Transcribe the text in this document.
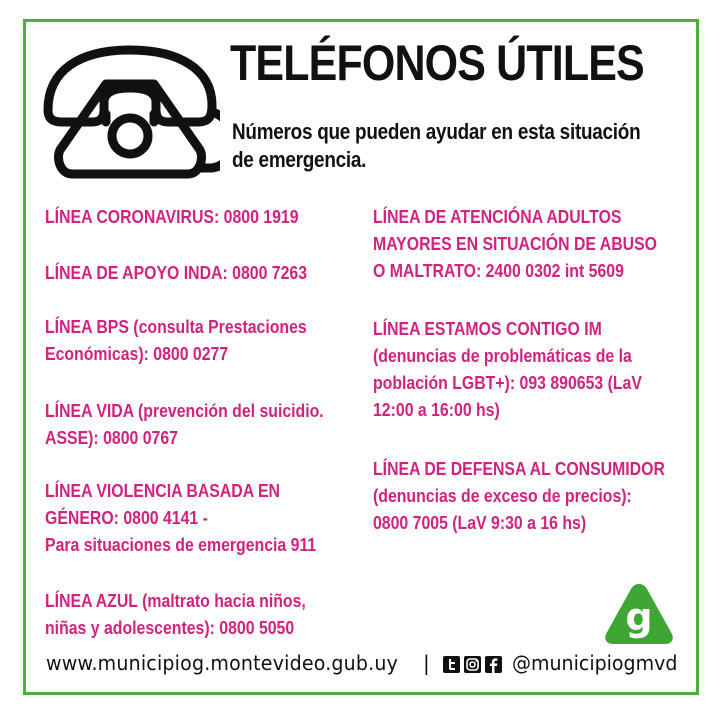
TELÉFONOS ÚTILES
Números que pueden ayudar en esta situación
de emergencia.
LÍNEA CORONAVIRUS: 0800 1919
LÍNEA DE APOYO INDA: 0800 7263
LÍNEA BPS (consulta Prestaciones
Económicas): 0800 0277
LÍNEA VIDA (prevención del suicidio.
ASSE): 0800 0767
LÍNEA VIOLENCIA BASADA EN
GÉNERO: 0800 4141 -
Para situaciones de emergencia 911
LÍNEA AZUL (maltrato hacia niños,
niñas y adolescentes): 0800 5050
LÍNEA DE ATENCIÓNA ADULTOS
MAYORES EN SITUACIÓN DE ABUSO
O MALTRATO: 2400 0302 int 5609
LÍNEA ESTAMOS CONTIGO IM
(denuncias de problemáticas de la
población LGBT+): 093 890653 (LaV
12:00 a 16:00 hs)
LÍNEA DE DEFENSA AL CONSUMIDOR
(denuncias de exceso de precios):
0800 7005 (LaV 9:30 a 16 hs)
g
www.municipiog.montevideo.gub.uy |	@municipiogmvd
